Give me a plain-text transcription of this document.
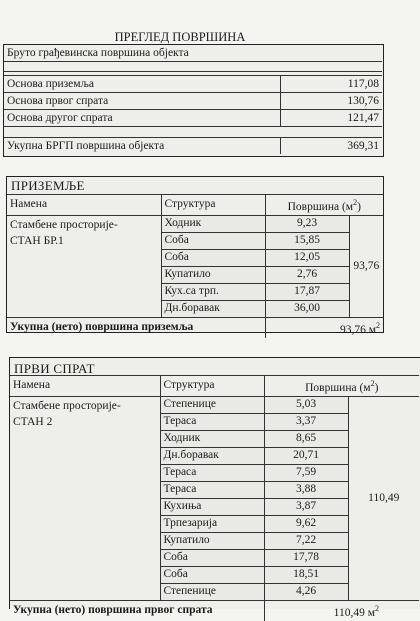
ПРЕГЛЕД ПОВРШИНА
Бруто грађевинска површина објекта

Основа приземља	117,08
Основа првог спрата	130,76
Основа другог спрата	121,47

Укупна БРГП површина објекта	369,31
ПРИЗЕМЉЕ
Намена	Структура	Површина $(м^2)$	

Стамбене просторије-
СТАН БР.1	Ходник	9,23	93,76
	Соба	15,85	
	Соба	12,05	
	Купатило	2,76	
	Кух.са трп.	17,87	
	Дн.боравак	36,00	
Укупна (нето) површина приземља		93,76 $м^2$
ПРВИ СПРАТ
Намена	Структура	Површина $(м^2)$	

Стамбене просторије-
СТАН 2	Степенице	5,03	110,49
	Тераса	3,37	
	Ходник	8,65	
	Дн.боравак	20,71	
	Тераса	7,59	
	Тераса	3,88	
	Кухиња	3,87	
	Трпезарија	9,62	
	Купатило	7,22	
	Соба	17,78	
	Соба	18,51	
	Степенице	4,26	
Укупна (нето) површина првог спрата		110,49 $м^2$
